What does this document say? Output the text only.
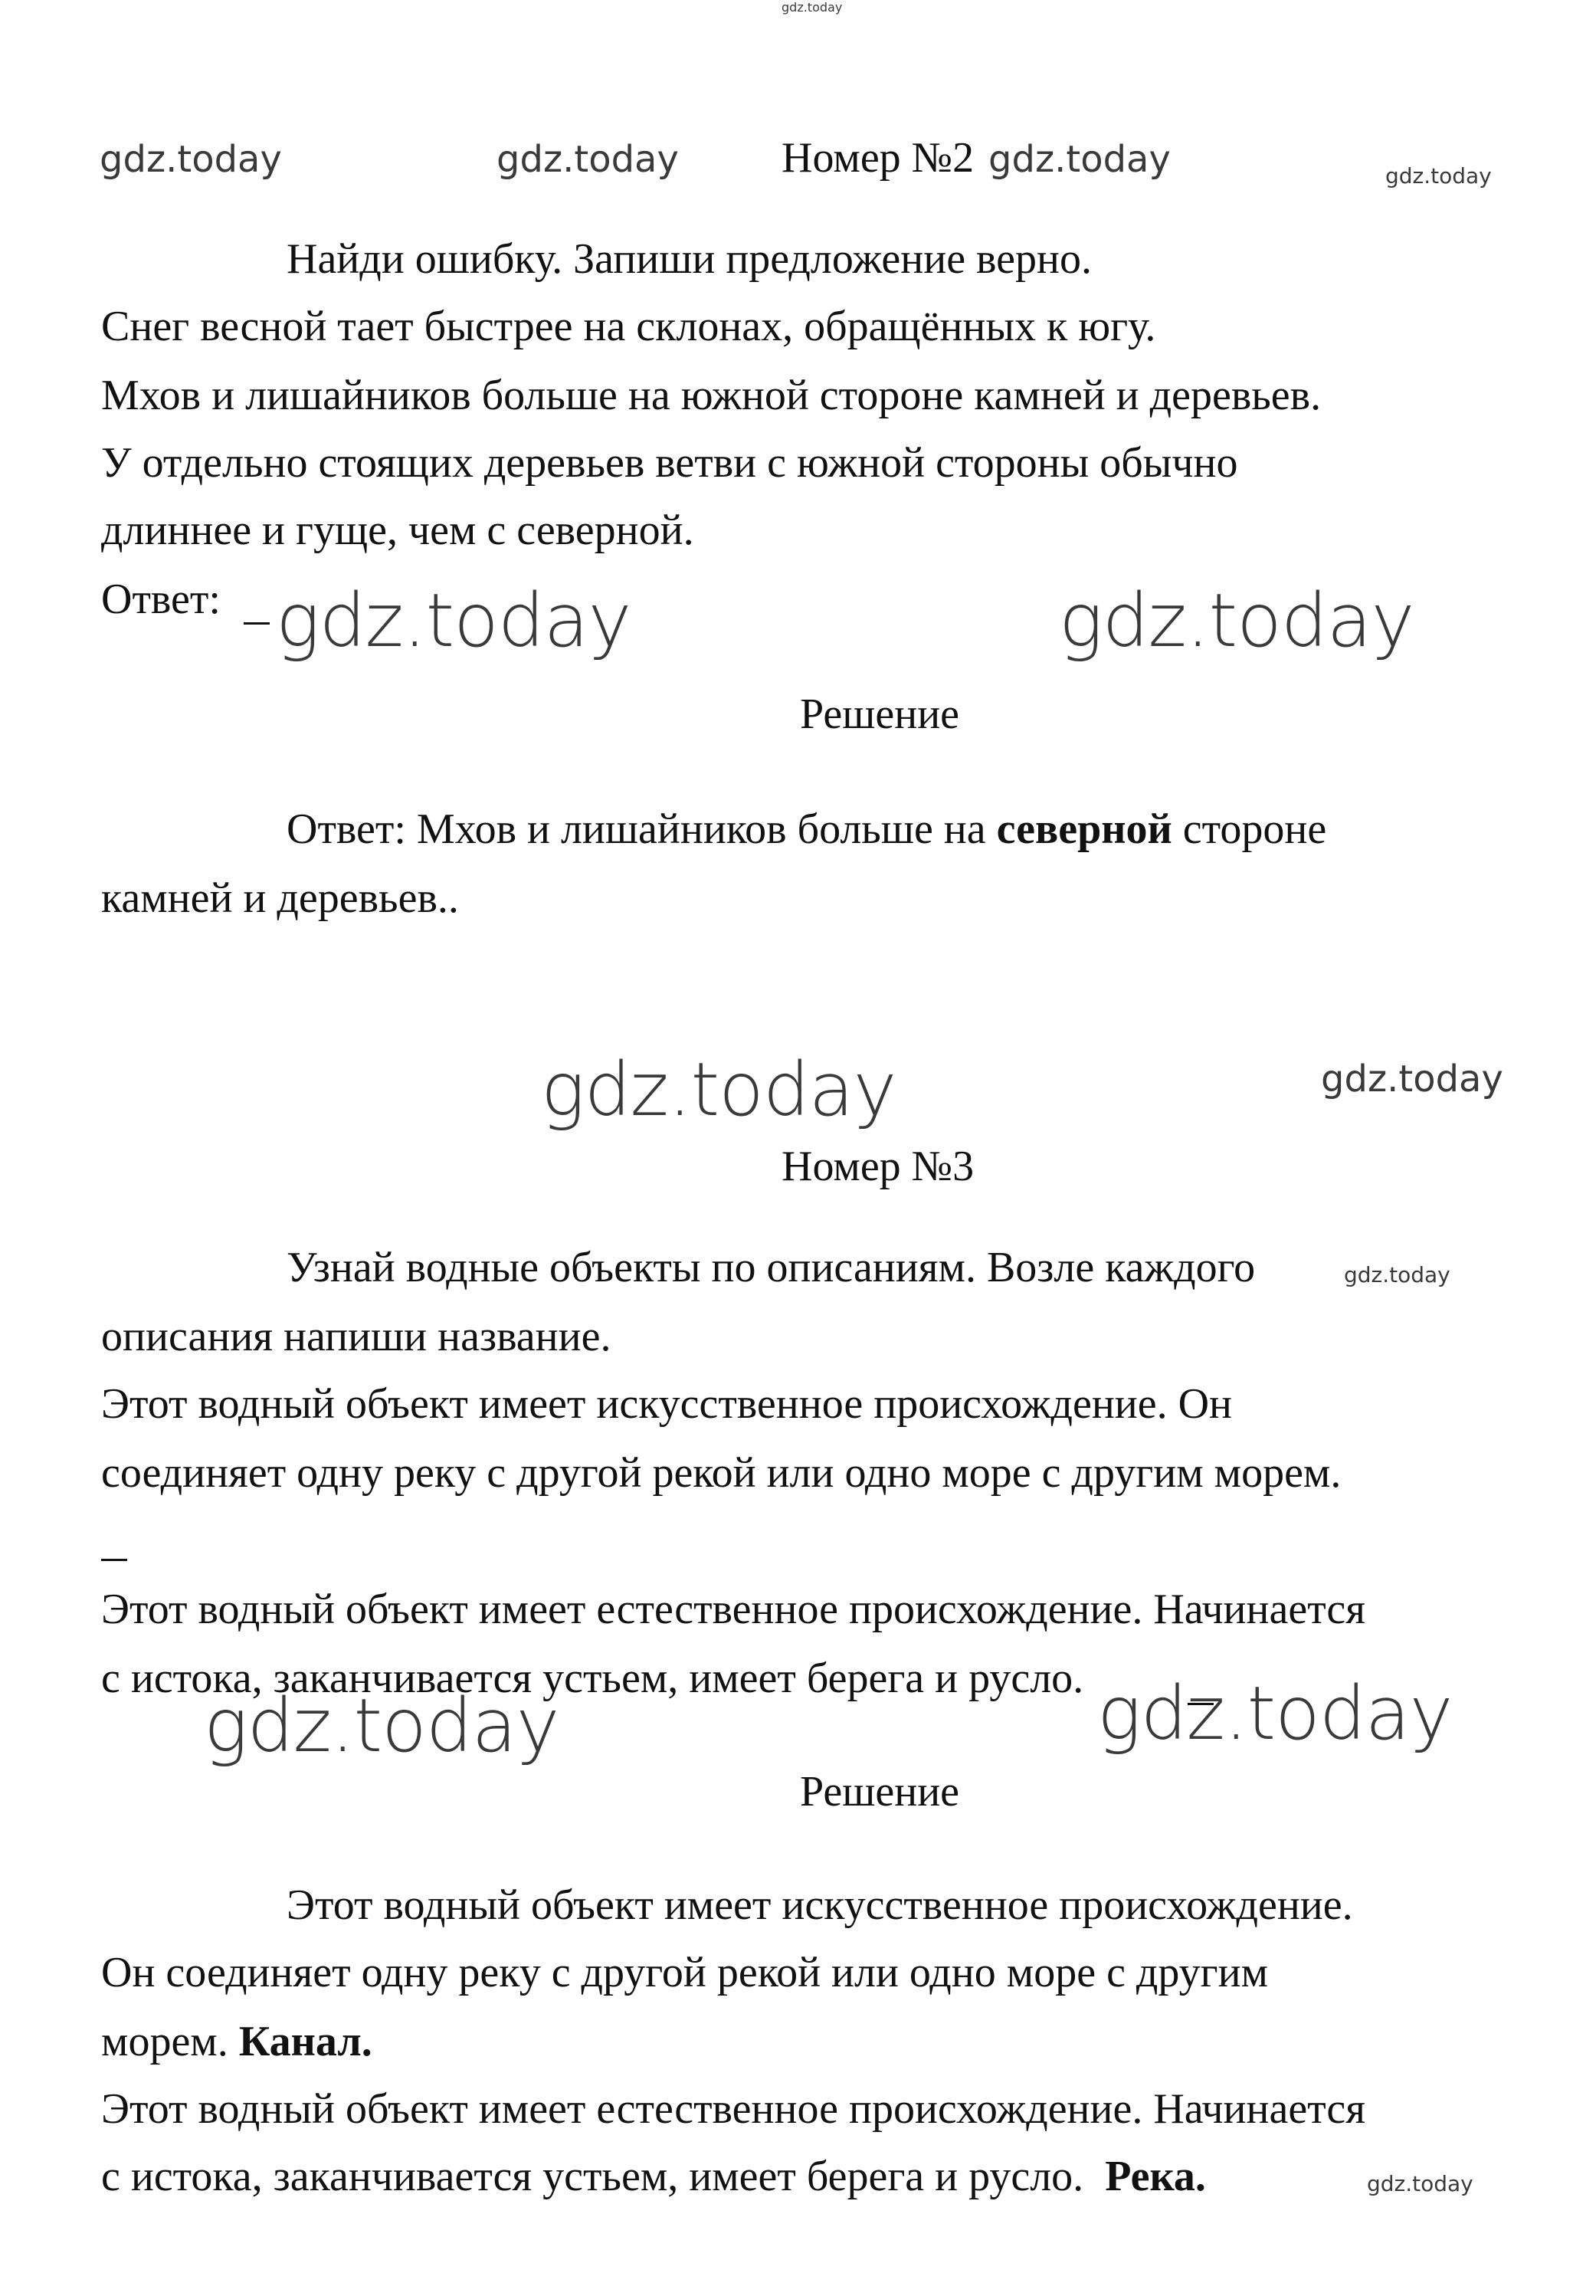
gdz.today
gdz.today	gdz.today	gdz.today	gdz.today
Номер №2
Найди ошибку. Запиши предложение верно.
Снег весной тает быстрее на склонах, обращённых к югу.
Мхов и лишайников больше на южной стороне камней и деревьев.
У отдельно стоящих деревьев ветви с южной стороны обычно
длиннее и гуще, чем с северной.
Ответ: gdz.today	gdz.today
Решение
Ответ: Мхов и лишайников больше на северной стороне
камней и деревьев..
gdz.today	gdz.today
Номер №3
Узнай водные объекты по описаниям. Возле каждого	gdz.today
описания напиши название.
Этот водный объект имеет искусственное происхождение. Он
соединяет одну реку с другой рекой или одно море с другим морем.
Этот водный объект имеет естественное происхождение. Начинается
с истока, заканчивается устьем, имеет берега и русло.
gdz.today	gdz.today
Решение
Этот водный объект имеет искусственное происхождение.
Он соединяет одну реку с другой рекой или одно море с другим
морем. Канал.
Этот водный объект имеет естественное происхождение. Начинается
с истока, заканчивается устьем, имеет берега и русло.  Река.	gdz.today
